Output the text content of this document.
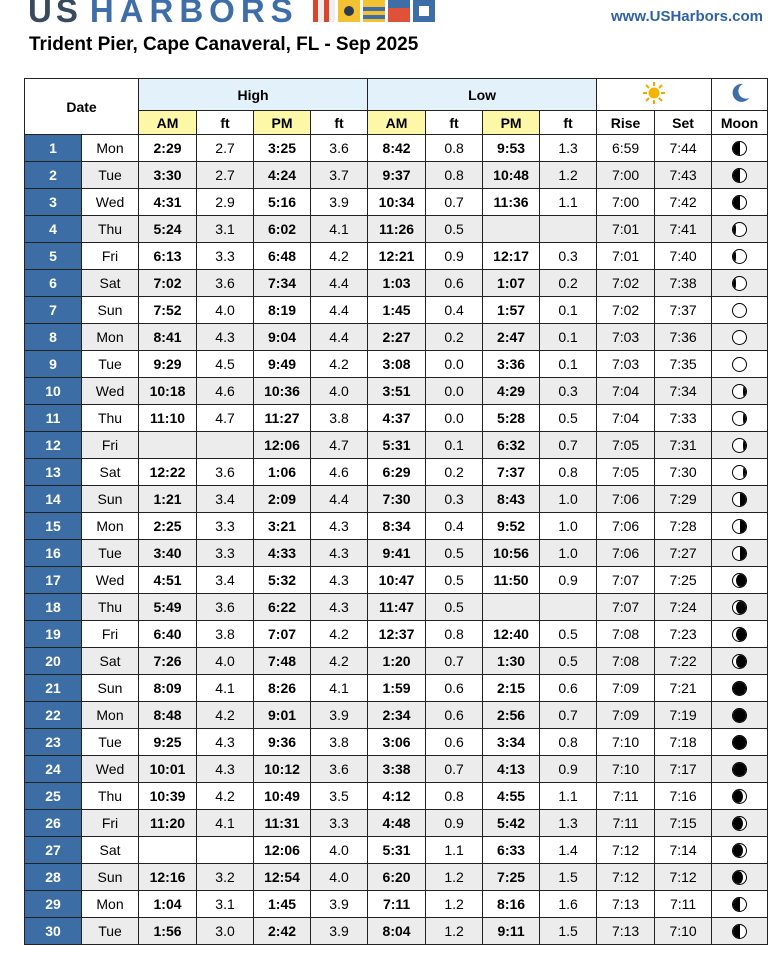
US HARBORS	www.USHarbors.com
Trident Pier, Cape Canaveral, FL - Sep 2025
Date		High				Low		
		AM	ft	PM	ft	AM	ft	PM	ft	Rise	Set	Moon
1	Mon	2:29	2.7	3:25	3.6	8:42	0.8	9:53	1.3	6:59	7:44	

2	Tue	3:30	2.7	4:24	3.7	9:37	0.8	10:48	1.2	7:00	7:43	

3	Wed	4:31	2.9	5:16	3.9	10:34	0.7	11:36	1.1	7:00	7:42	

4	Thu	5:24	3.1	6:02	4.1	11:26	0.5			7:01	7:41	

5	Fri	6:13	3.3	6:48	4.2	12:21	0.9	12:17	0.3	7:01	7:40	

6	Sat	7:02	3.6	7:34	4.4	1:03	0.6	1:07	0.2	7:02	7:38	

7	Sun	7:52	4.0	8:19	4.4	1:45	0.4	1:57	0.1	7:02	7:37	

8	Mon	8:41	4.3	9:04	4.4	2:27	0.2	2:47	0.1	7:03	7:36	

9	Tue	9:29	4.5	9:49	4.2	3:08	0.0	3:36	0.1	7:03	7:35	

10	Wed	10:18	4.6	10:36	4.0	3:51	0.0	4:29	0.3	7:04	7:34	

11	Thu	11:10	4.7	11:27	3.8	4:37	0.0	5:28	0.5	7:04	7:33	

12	Fri			12:06	4.7	5:31	0.1	6:32	0.7	7:05	7:31	

13	Sat	12:22	3.6	1:06	4.6	6:29	0.2	7:37	0.8	7:05	7:30	

14	Sun	1:21	3.4	2:09	4.4	7:30	0.3	8:43	1.0	7:06	7:29	

15	Mon	2:25	3.3	3:21	4.3	8:34	0.4	9:52	1.0	7:06	7:28	

16	Tue	3:40	3.3	4:33	4.3	9:41	0.5	10:56	1.0	7:06	7:27	

17	Wed	4:51	3.4	5:32	4.3	10:47	0.5	11:50	0.9	7:07	7:25	

18	Thu	5:49	3.6	6:22	4.3	11:47	0.5			7:07	7:24	

19	Fri	6:40	3.8	7:07	4.2	12:37	0.8	12:40	0.5	7:08	7:23	

20	Sat	7:26	4.0	7:48	4.2	1:20	0.7	1:30	0.5	7:08	7:22	

21	Sun	8:09	4.1	8:26	4.1	1:59	0.6	2:15	0.6	7:09	7:21	

22	Mon	8:48	4.2	9:01	3.9	2:34	0.6	2:56	0.7	7:09	7:19	

23	Tue	9:25	4.3	9:36	3.8	3:06	0.6	3:34	0.8	7:10	7:18	

24	Wed	10:01	4.3	10:12	3.6	3:38	0.7	4:13	0.9	7:10	7:17	

25	Thu	10:39	4.2	10:49	3.5	4:12	0.8	4:55	1.1	7:11	7:16	

26	Fri	11:20	4.1	11:31	3.3	4:48	0.9	5:42	1.3	7:11	7:15	

27	Sat			12:06	4.0	5:31	1.1	6:33	1.4	7:12	7:14	

28	Sun	12:16	3.2	12:54	4.0	6:20	1.2	7:25	1.5	7:12	7:12	

29	Mon	1:04	3.1	1:45	3.9	7:11	1.2	8:16	1.6	7:13	7:11	

30	Tue	1:56	3.0	2:42	3.9	8:04	1.2	9:11	1.5	7:13	7:10	
